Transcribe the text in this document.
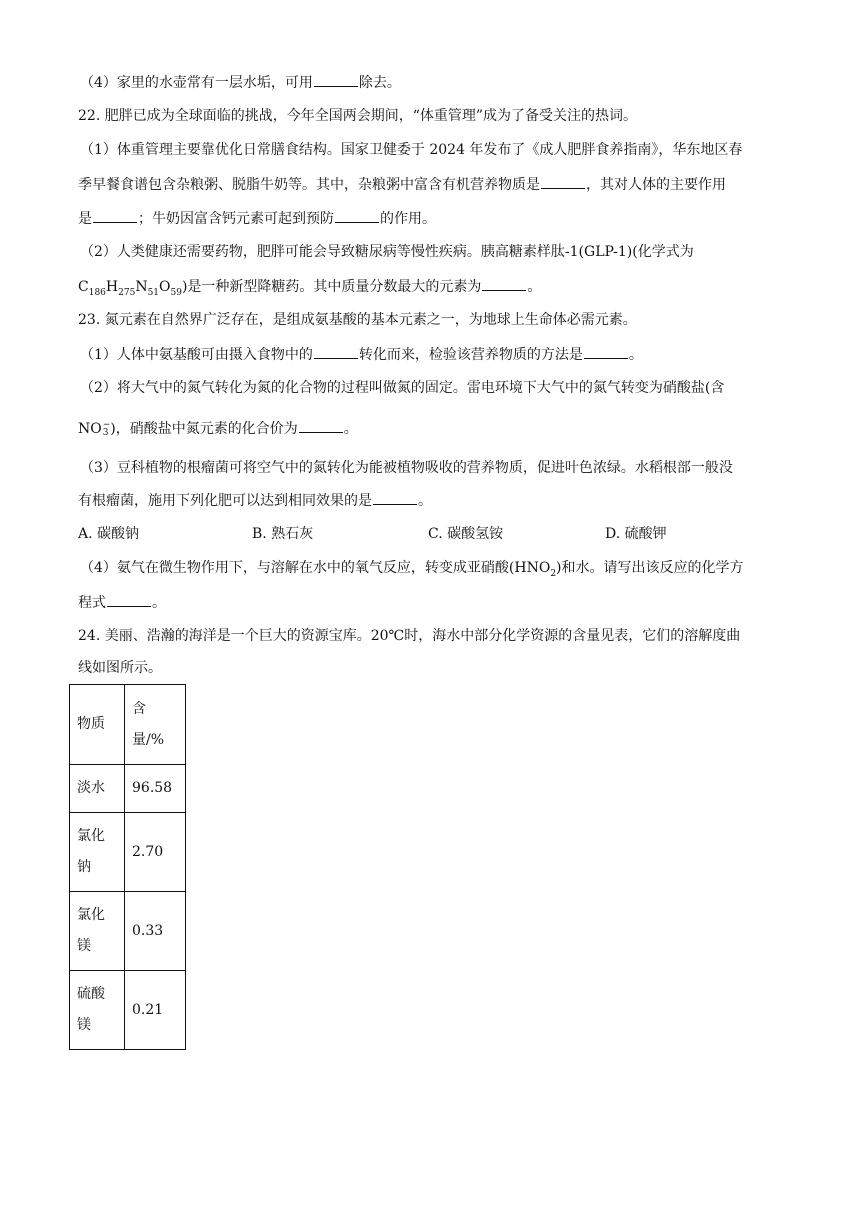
（4）家里的水壶常有一层水垢，可用	除去。
22. 肥胖已成为全球面临的挑战，今年全国两会期间，“体重管理”成为了备受关注的热词。
（1）体重管理主要靠优化日常膳食结构。国家卫健委于 2024 年发布了《成人肥胖食养指南》，华东地区春
季早餐食谱包含杂粮粥、脱脂牛奶等。其中，杂粮粥中富含有机营养物质是	，其对人体的主要作用
是	；牛奶因富含钙元素可起到预防	的作用。
（2）人类健康还需要药物，肥胖可能会导致糖尿病等慢性疾病。胰高糖素样肽-1(GLP-1)(化学式为
$C_{186}H_{275}N_{51}O_{59}$)是一种新型降糖药。其中质量分数最大的元素为	。
23. 氮元素在自然界广泛存在，是组成氨基酸的基本元素之一，为地球上生命体必需元素。
（1）人体中氨基酸可由摄入食物中的	转化而来，检验该营养物质的方法是	。
（2）将大气中的氮气转化为氮的化合物的过程叫做氮的固定。雷电环境下大气中的氮气转变为硝酸盐(含
NO −
3 )，硝酸盐中氮元素的化合价为	。
（3）豆科植物的根瘤菌可将空气中的氮转化为能被植物吸收的营养物质，促进叶色浓绿。水稻根部一般没
有根瘤菌，施用下列化肥可以达到相同效果的是	。
A. 碳酸钠	B. 熟石灰	C. 碳酸氢铵	D. 硫酸钾
（4）氨气在微生物作用下，与溶解在水中的氧气反应，转变成亚硝酸$(HNO_2)$和水。请写出该反应的化学方
程式	。
24. 美丽、浩瀚的海洋是一个巨大的资源宝库。20℃时，海水中部分化学资源的含量见表，它们的溶解度曲
线如图所示。
物质	含量/%
淡水	96.58
氯化钠	2.70
氯化镁	0.33
硫酸镁	0.21
